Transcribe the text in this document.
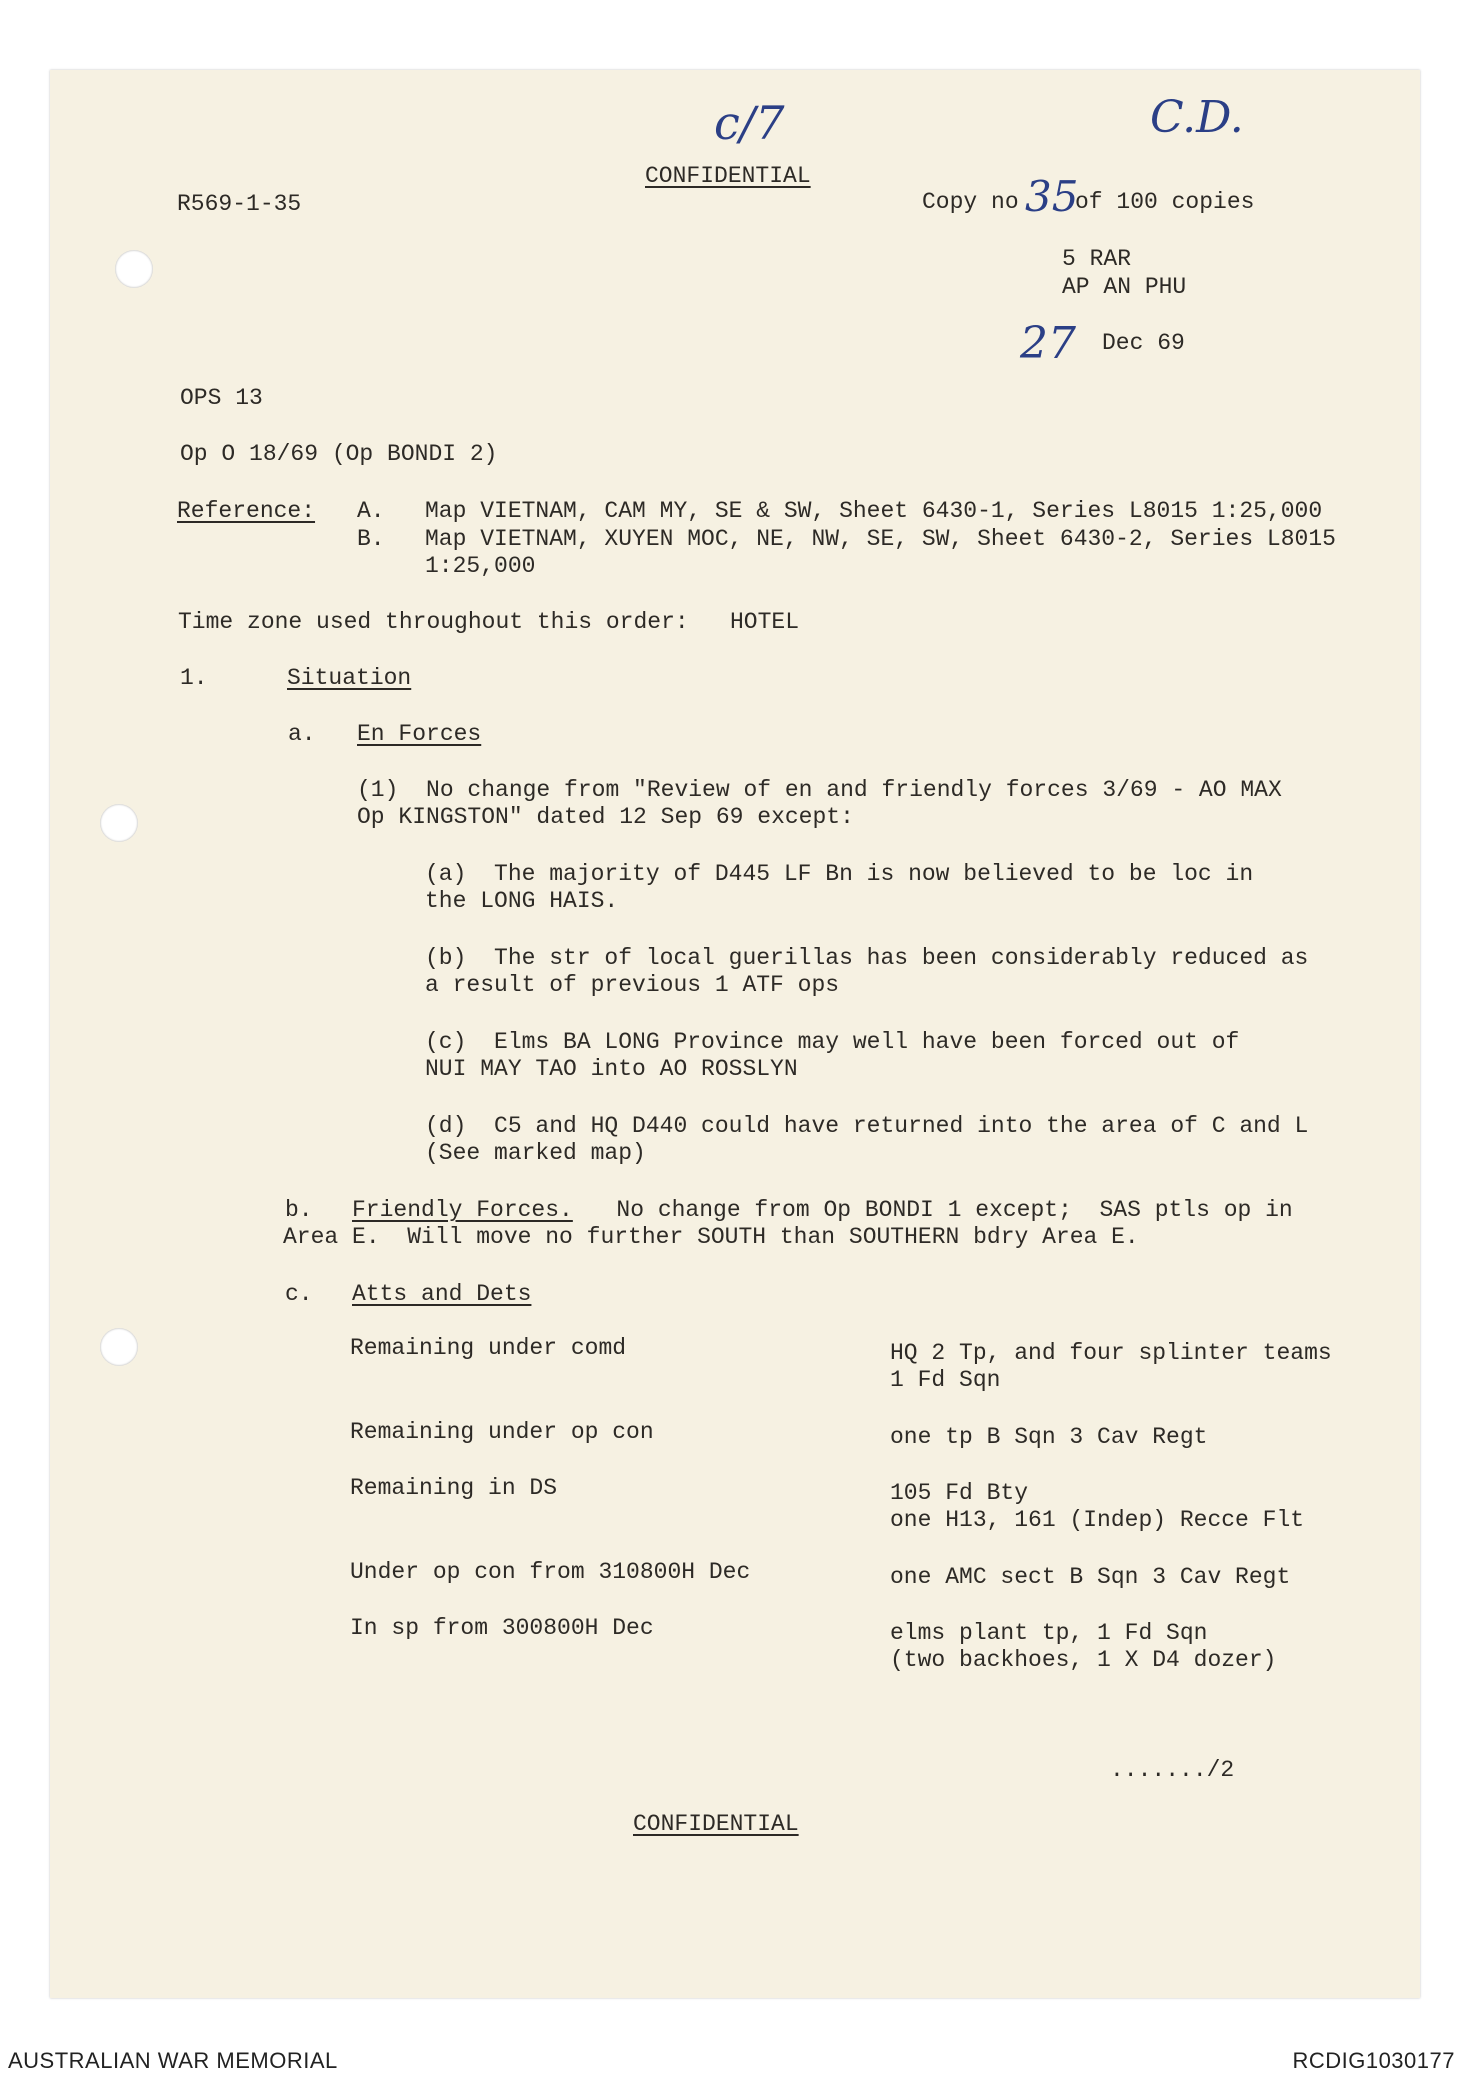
c/7	C.D.
35
27
CONFIDENTIAL
R569-1-35	Copy no of 100 copies
5 RAR
AP AN PHU
Dec 69
OPS 13
Op O 18/69 (Op BONDI 2)
Reference: A. Map VIETNAM, CAM MY, SE & SW, Sheet 6430-1, Series L8015 1:25,000
B. Map VIETNAM, XUYEN MOC, NE, NW, SE, SW, Sheet 6430-2, Series L8015
1:25,000
Time zone used throughout this order: HOTEL
1.	Situation
a. En Forces
(1)  No change from "Review of en and friendly forces 3/69 - AO MAX
Op KINGSTON" dated 12 Sep 69 except:
(a)  The majority of D445 LF Bn is now believed to be loc in
the LONG HAIS.
(b)  The str of local guerillas has been considerably reduced as
a result of previous 1 ATF ops
(c)  Elms BA LONG Province may well have been forced out of
NUI MAY TAO into AO ROSSLYN
(d)  C5 and HQ D440 could have returned into the area of C and L
(See marked map)
b. Friendly Forces. No change from Op BONDI 1 except;  SAS ptls op in
Area E.  Will move no further SOUTH than SOUTHERN bdry Area E.
c. Atts and Dets
Remaining under comd	HQ 2 Tp, and four splinter teams
1 Fd Sqn
Remaining under op con	one tp B Sqn 3 Cav Regt
Remaining in DS	105 Fd Bty
one H13, 161 (Indep) Recce Flt
Under op con from 310800H Dec	one AMC sect B Sqn 3 Cav Regt
In sp from 300800H Dec	elms plant tp, 1 Fd Sqn
(two backhoes, 1 X D4 dozer)
......./2
CONFIDENTIAL
AUSTRALIAN WAR MEMORIAL	RCDIG1030177
